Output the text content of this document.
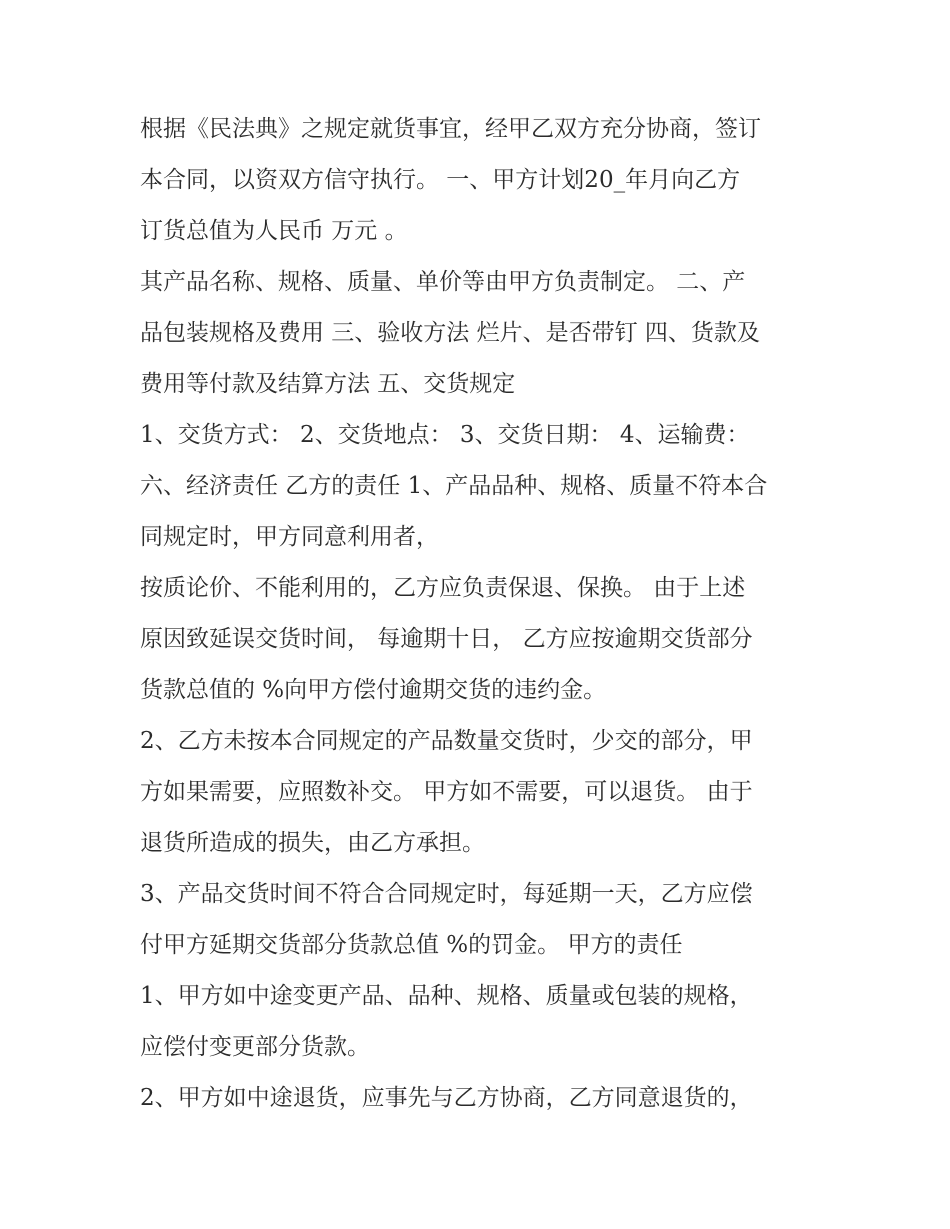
根据《民法典》之规定就货事宜，经甲乙双方充分协商，签订
本合同，以资双方信守执行。 一、甲方计划20_年月向乙方
订货总值为人民币 万元 。
其产品名称、规格、质量、单价等由甲方负责制定。 二、产
品包装规格及费用 三、验收方法 烂片、是否带钉 四、货款及
费用等付款及结算方法 五、交货规定
1、交货方式： 2、交货地点： 3、交货日期： 4、运输费：
六、经济责任 乙方的责任 1、产品品种、规格、质量不符本合
同规定时，甲方同意利用者，
按质论价、不能利用的，乙方应负责保退、保换。 由于上述
原因致延误交货时间， 每逾期十日， 乙方应按逾期交货部分
货款总值的 %向甲方偿付逾期交货的违约金。
2、乙方未按本合同规定的产品数量交货时，少交的部分，甲
方如果需要，应照数补交。 甲方如不需要，可以退货。 由于
退货所造成的损失，由乙方承担。
3、产品交货时间不符合合同规定时，每延期一天，乙方应偿
付甲方延期交货部分货款总值 %的罚金。 甲方的责任
1、甲方如中途变更产品、品种、规格、质量或包装的规格，
应偿付变更部分货款。
2、甲方如中途退货，应事先与乙方协商，乙方同意退货的，
